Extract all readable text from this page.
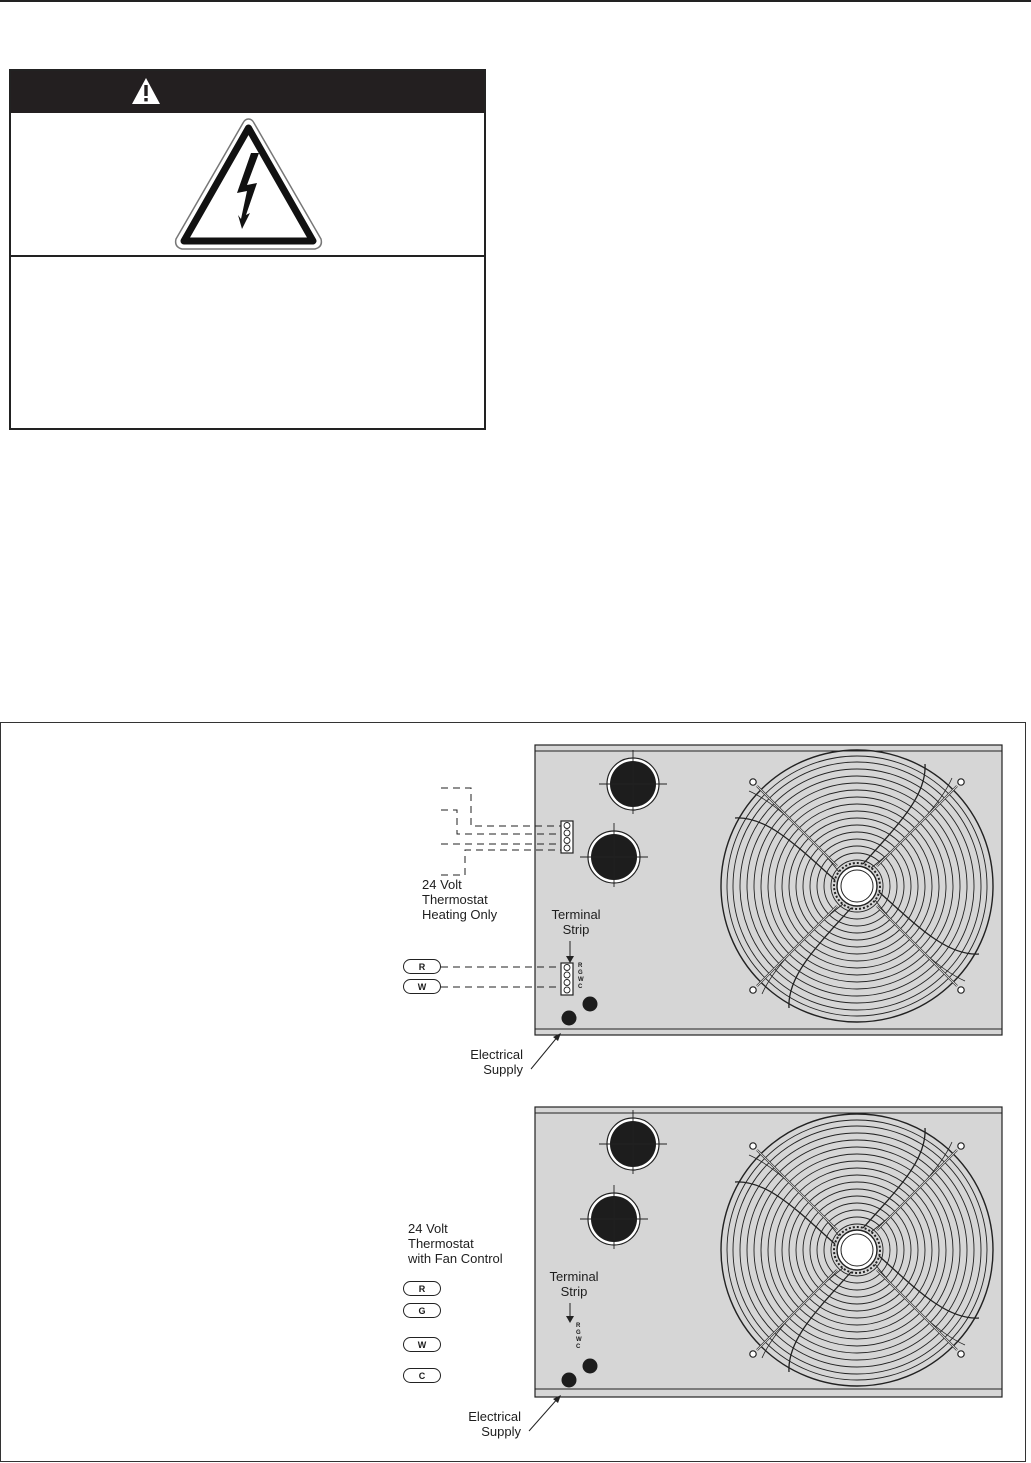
24 Volt
Thermostat
Heating Only	Terminal
Strip
Electrical
Supply
R
W
R
G
W
C
24 Volt
Thermostat
with Fan Control
Terminal
Strip
Electrical
Supply
R
G
W
C
R
G
W
C
